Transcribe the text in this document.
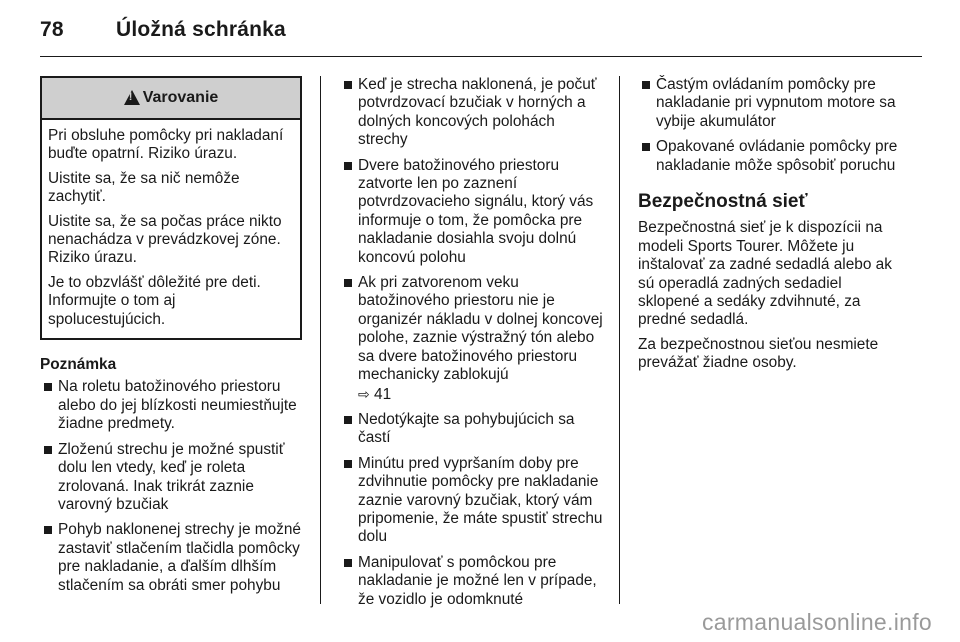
78 Úložná schránka
!
Varovanie

Pri obsluhe pomôcky pri nakladaní buďte opatrní. Riziko úrazu.

Uistite sa, že sa nič nemôže zachytiť.

Uistite sa, že sa počas práce nikto nenachádza v prevádzkovej zóne. Riziko úrazu.

Je to obzvlášť dôležité pre deti. Informujte o tom aj spolucestujúcich.

Poznámka
Na roletu batožinového priestoru alebo do jej blízkosti neumiestňujte žiadne predmety.
Zloženú strechu je možné spustiť dolu len vtedy, keď je roleta zrolovaná. Inak trikrát zaznie varovný bzučiak
Pohyb naklonenej strechy je možné zastaviť stlačením tlačidla pomôcky pre nakladanie, a ďalším dlhším stlačením sa obráti smer pohybu
Keď je strecha naklonená, je počuť potvrdzovací bzučiak v horných a dolných koncových polohách strechy
Dvere batožinového priestoru zatvorte len po zaznení potvrdzovacieho signálu, ktorý vás informuje o tom, že pomôcka pre nakladanie dosiahla svoju dolnú koncovú polohu
Ak pri zatvorenom veku batožinového priestoru nie je organizér nákladu v dolnej koncovej polohe, zaznie výstražný tón alebo sa dvere batožinového priestoru mechanicky zablokujú
⇨ 41
Nedotýkajte sa pohybujúcich sa častí
Minútu pred vypršaním doby pre zdvihnutie pomôcky pre nakladanie zaznie varovný bzučiak, ktorý vám pripomenie, že máte spustiť strechu dolu
Manipulovať s pomôckou pre nakladanie je možné len v prípade, že vozidlo je odomknuté
Častým ovládaním pomôcky pre nakladanie pri vypnutom motore sa vybije akumulátor
Opakované ovládanie pomôcky pre nakladanie môže spôsobiť poruchu
Bezpečnostná sieť

Bezpečnostná sieť je k dispozícii na modeli Sports Tourer. Môžete ju inštalovať za zadné sedadlá alebo ak sú operadlá zadných sedadiel sklopené a sedáky zdvihnuté, za predné sedadlá.

Za bezpečnostnou sieťou nesmiete prevážať žiadne osoby.

carmanualsonline.info
